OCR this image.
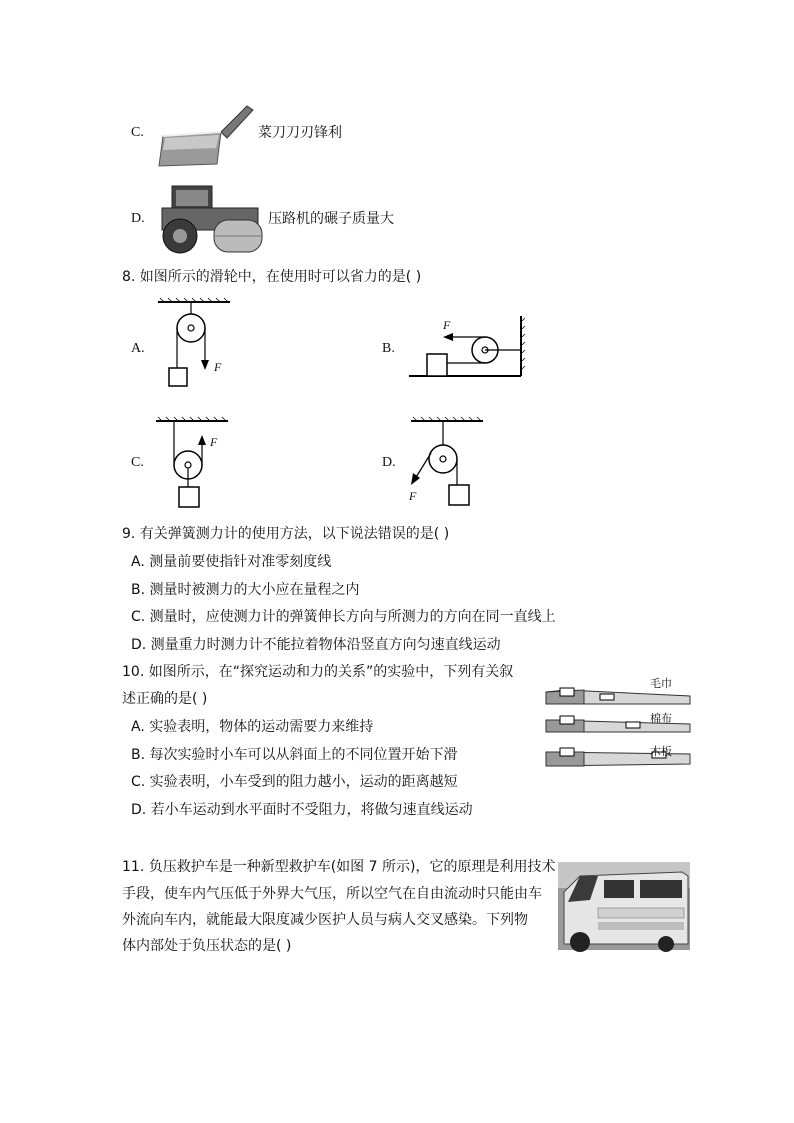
C.	菜刀刀刃锋利
D.	压路机的碾子质量大
8. 如图所示的滑轮中，在使用时可以省力的是( )
A.
F
B.
F
C.
F
D.
F
9. 有关弹簧测力计的使用方法，以下说法错误的是( )
A. 测量前要使指针对准零刻度线
B. 测量时被测力的大小应在量程之内
C. 测量时，应使测力计的弹簧伸长方向与所测力的方向在同一直线上
D. 测量重力时测力计不能拉着物体沿竖直方向匀速直线运动
10. 如图所示，在“探究运动和力的关系”的实验中，下列有关叙
述正确的是( )
A. 实验表明，物体的运动需要力来维持
B. 每次实验时小车可以从斜面上的不同位置开始下滑
C. 实验表明，小车受到的阻力越小，运动的距离越短
D. 若小车运动到水平面时不受阻力，将做匀速直线运动
毛巾
棉布
木板
11. 负压救护车是一种新型救护车(如图 7 所示)，它的原理是利用技术
手段，使车内气压低于外界大气压，所以空气在自由流动时只能由车
外流向车内，就能最大限度减少医护人员与病人交叉感染。下列物
体内部处于负压状态的是( )
